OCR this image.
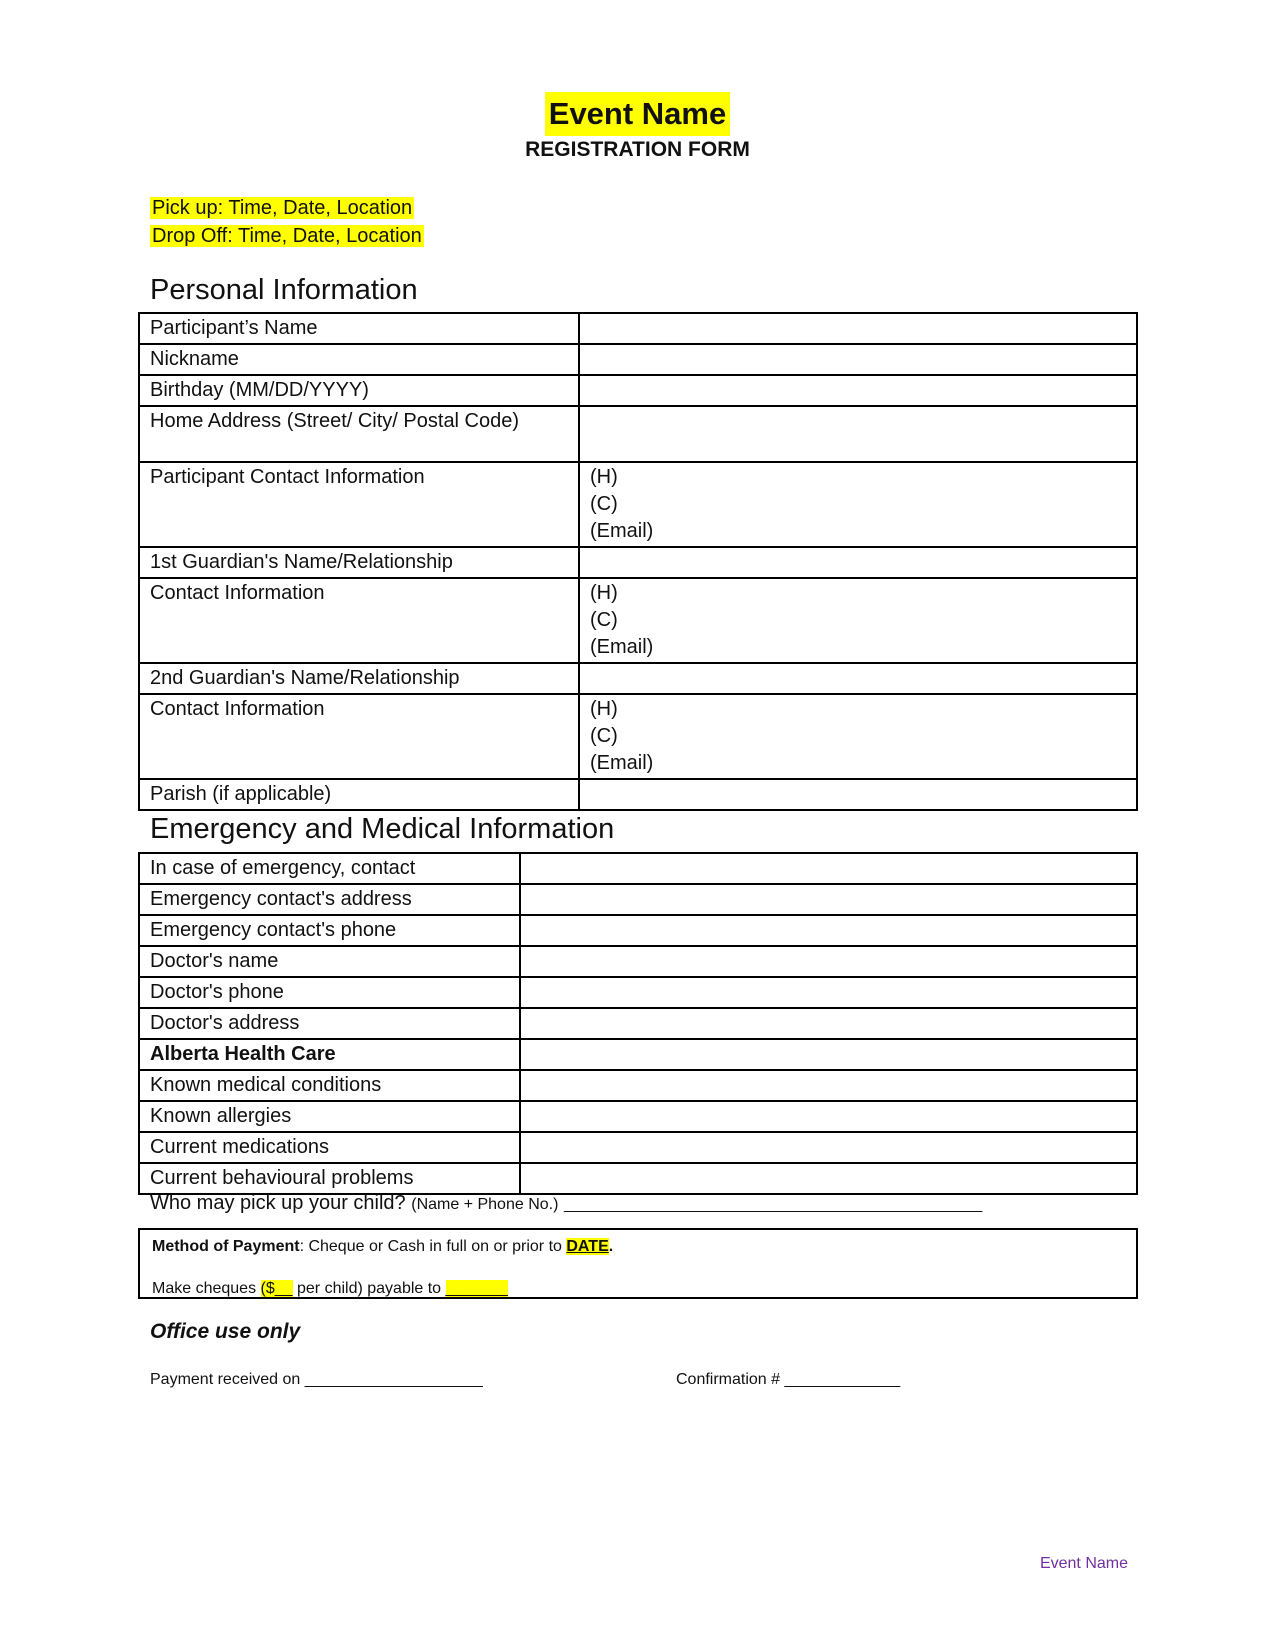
Event Name
REGISTRATION FORM
Pick up: Time, Date, Location
Drop Off: Time, Date, Location
Personal Information
Participant’s Name	
Nickname	
Birthday (MM/DD/YYYY)	
Home Address (Street/ City/ Postal Code)	
Participant Contact Information	(H)
(C)
(Email)

1st Guardian's Name/Relationship	
Contact Information	(H)
(C)
(Email)

2nd Guardian's Name/Relationship	
Contact Information	(H)
(C)
(Email)

Parish (if applicable)	
Emergency and Medical Information
In case of emergency, contact	
Emergency contact's address	
Emergency contact's phone	
Doctor's name	
Doctor's phone	
Doctor's address	
Alberta Health Care	
Known medical conditions	
Known allergies	
Current medications	
Current behavioural problems	
Who may pick up your child? (Name + Phone No.) _______________________________________________
Method of Payment: Cheque or Cash in full on or prior to DATE.
Make cheques ($__ per child) payable to _______
Office use only
Payment received on ____________________	Confirmation # _____________
Event Name
